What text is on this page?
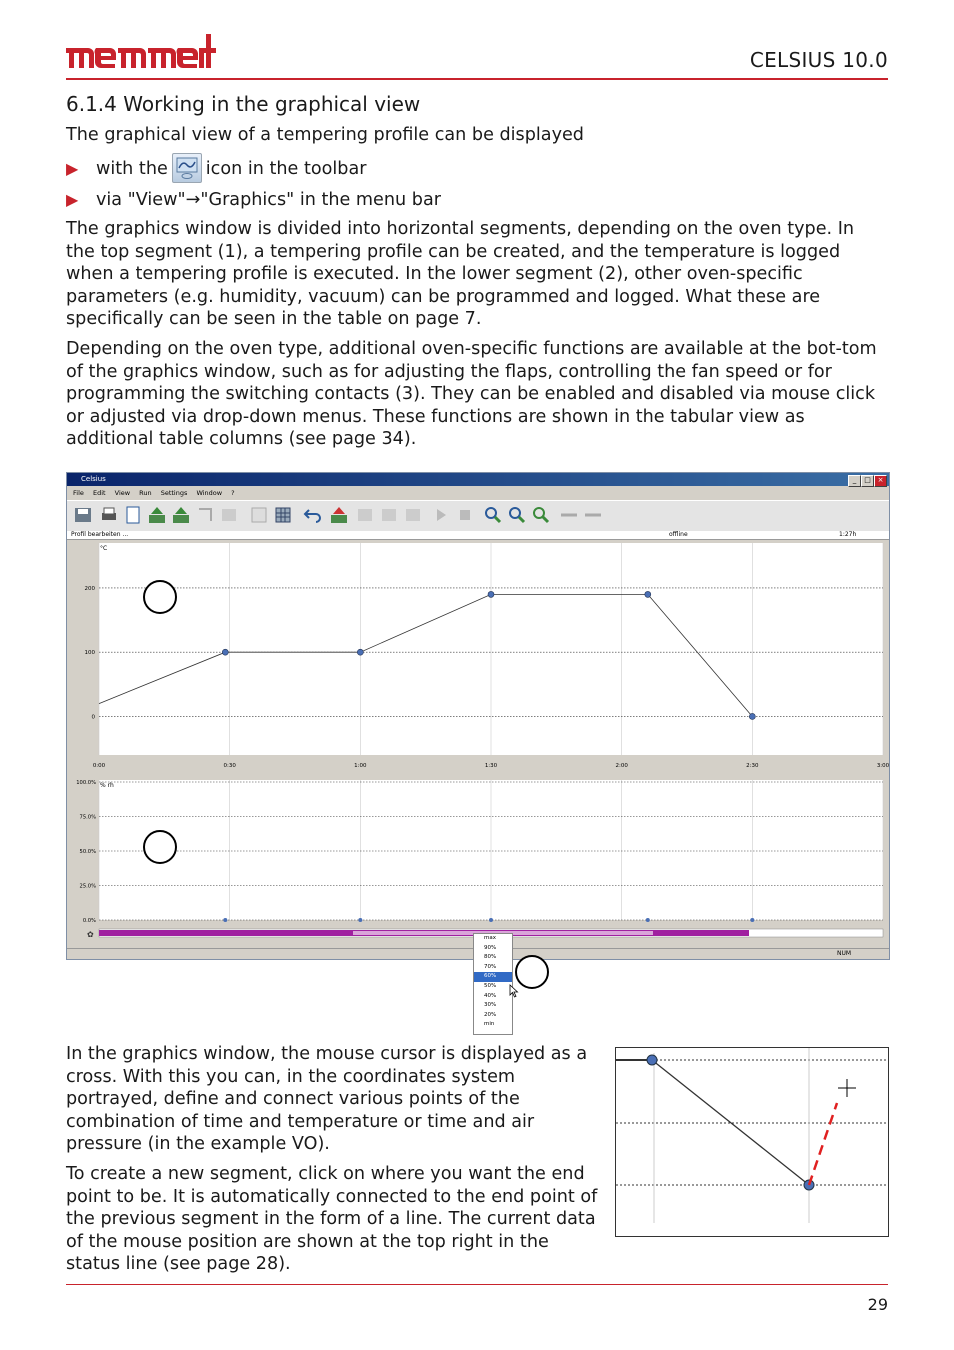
CELSIUS 10.0
6.1.4 Working in the graphical view
The graphical view of a tempering profile can be displayed
▶ with the icon in the toolbar
▶ via "View"→"Graphics" in the menu bar
The graphics window is divided into horizontal segments, depending on the oven type. In the top segment (1), a tempering profile can be created, and the temperature is logged when a tempering profile is executed. In the lower segment (2), other oven-specific parameters (e.g. humidity, vacuum) can be programmed and logged. What these are specifically can be seen in the table on page 7.
Depending on the oven type, additional oven-specific functions are available at the bot-tom of the graphics window, such as for adjusting the flaps, controlling the fan speed or for programming the switching contacts (3). They can be enabled and disabled via mouse click or adjusted via drop-down menus. These functions are shown in the tabular view as additional table columns (see page 34).
Celsius	_	□ ×
File Edit View Run Settings Window ?
Profil bearbeiten ...	offline	1:27h
0:00	0:30	1:00	1:30	2:00	2:30	3:00
200
100
0
100.0%
75.0%
50.0%
25.0%
0.0%
°C
% rh
✿
NUM
max
90%
80%
70%
60%
50%
40%
30%
20%
min
In the graphics window, the mouse cursor is displayed as a cross. With this you can, in the coordinates system portrayed, define and connect various points of the combination of time and temperature or time and air pressure (in the example VO).
To create a new segment, click on where you want the end point to be. It is automatically connected to the end point of the previous segment in the form of a line. The current data of the mouse position are shown at the top right in the status line (see page 28).
29
